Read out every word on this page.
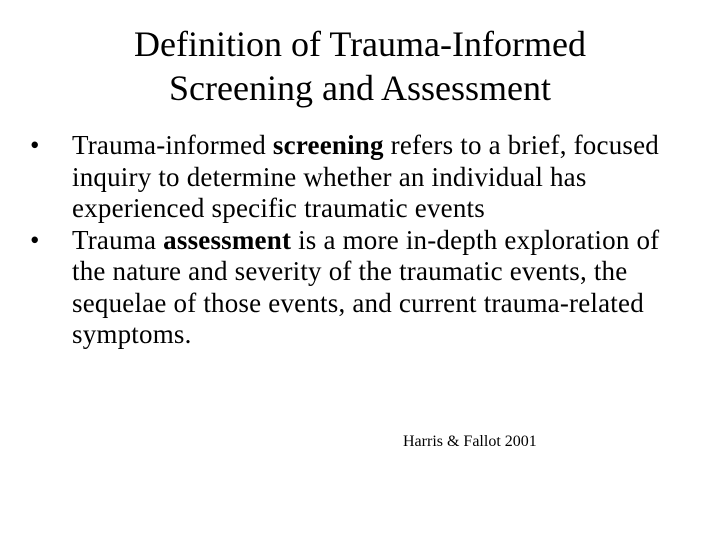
Definition of Trauma-Informed
Screening and Assessment
• Trauma-informed screening refers to a brief, focused inquiry to determine whether an individual has experienced specific traumatic events
• Trauma assessment is a more in-depth exploration of the nature and severity of the traumatic events, the sequelae of those events, and current trauma-related symptoms.
Harris & Fallot 2001
